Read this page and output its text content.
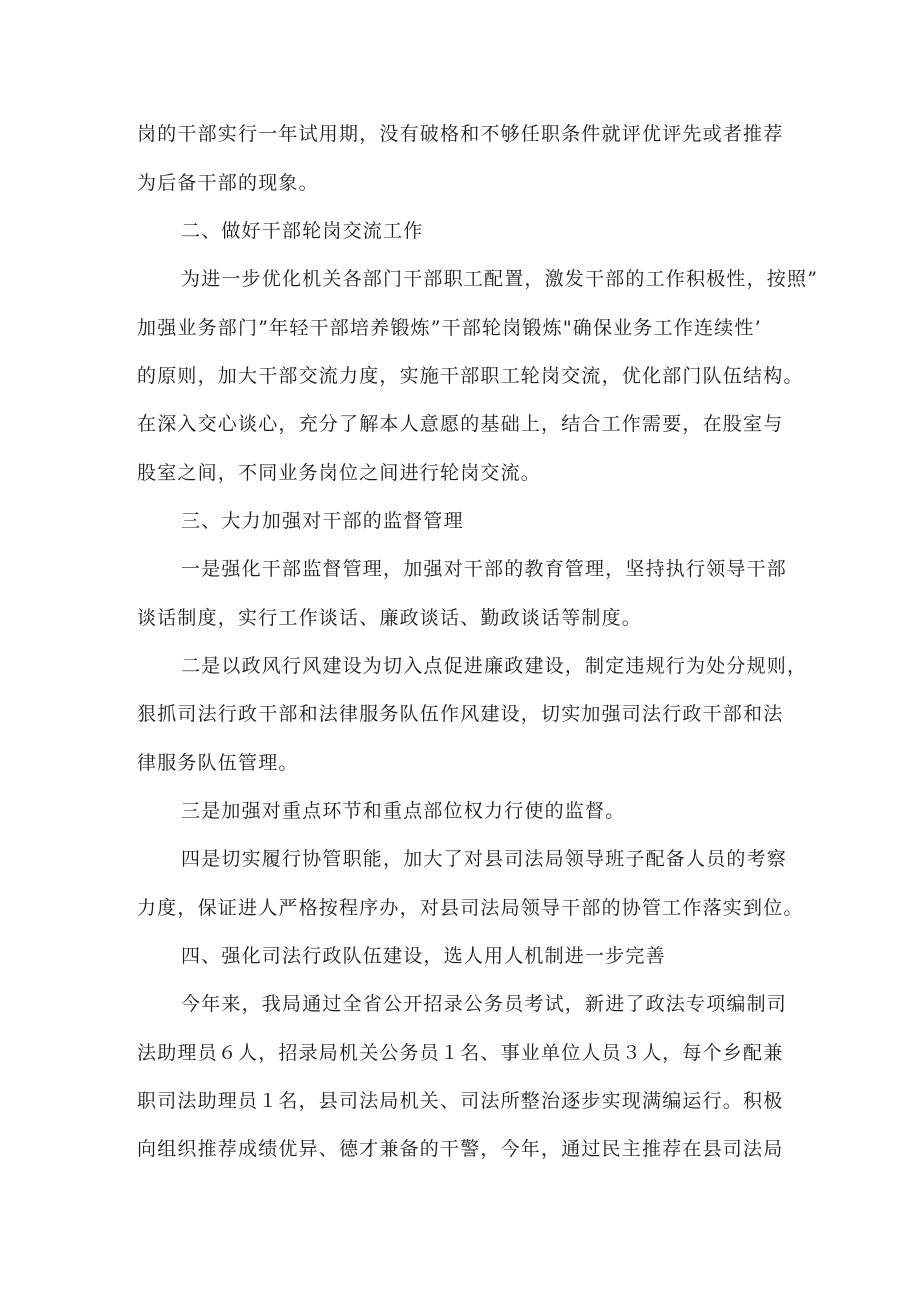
岗的干部实行一年试用期，没有破格和不够任职条件就评优评先或者推荐
为后备干部的现象。
二、做好干部轮岗交流工作
为进一步优化机关各部门干部职工配置，激发干部的工作积极性，按照”
加强业务部门”年轻干部培养锻炼”干部轮岗锻炼"确保业务工作连续性’
的原则，加大干部交流力度，实施干部职工轮岗交流，优化部门队伍结构。
在深入交心谈心，充分了解本人意愿的基础上，结合工作需要，在股室与
股室之间，不同业务岗位之间进行轮岗交流。
三、大力加强对干部的监督管理
一是强化干部监督管理，加强对干部的教育管理，坚持执行领导干部
谈话制度，实行工作谈话、廉政谈话、勤政谈话等制度。
二是以政风行风建设为切入点促进廉政建设，制定违规行为处分规则，
狠抓司法行政干部和法律服务队伍作风建设，切实加强司法行政干部和法
律服务队伍管理。
三是加强对重点环节和重点部位权力行使的监督。
四是切实履行协管职能，加大了对县司法局领导班子配备人员的考察
力度，保证进人严格按程序办，对县司法局领导干部的协管工作落实到位。
四、强化司法行政队伍建设，选人用人机制进一步完善
今年来，我局通过全省公开招录公务员考试，新进了政法专项编制司
法助理员６人，招录局机关公务员１名、事业单位人员３人，每个乡配兼
职司法助理员１名，县司法局机关、司法所整治逐步实现满编运行。积极
向组织推荐成绩优异、德才兼备的干警，今年，通过民主推荐在县司法局
